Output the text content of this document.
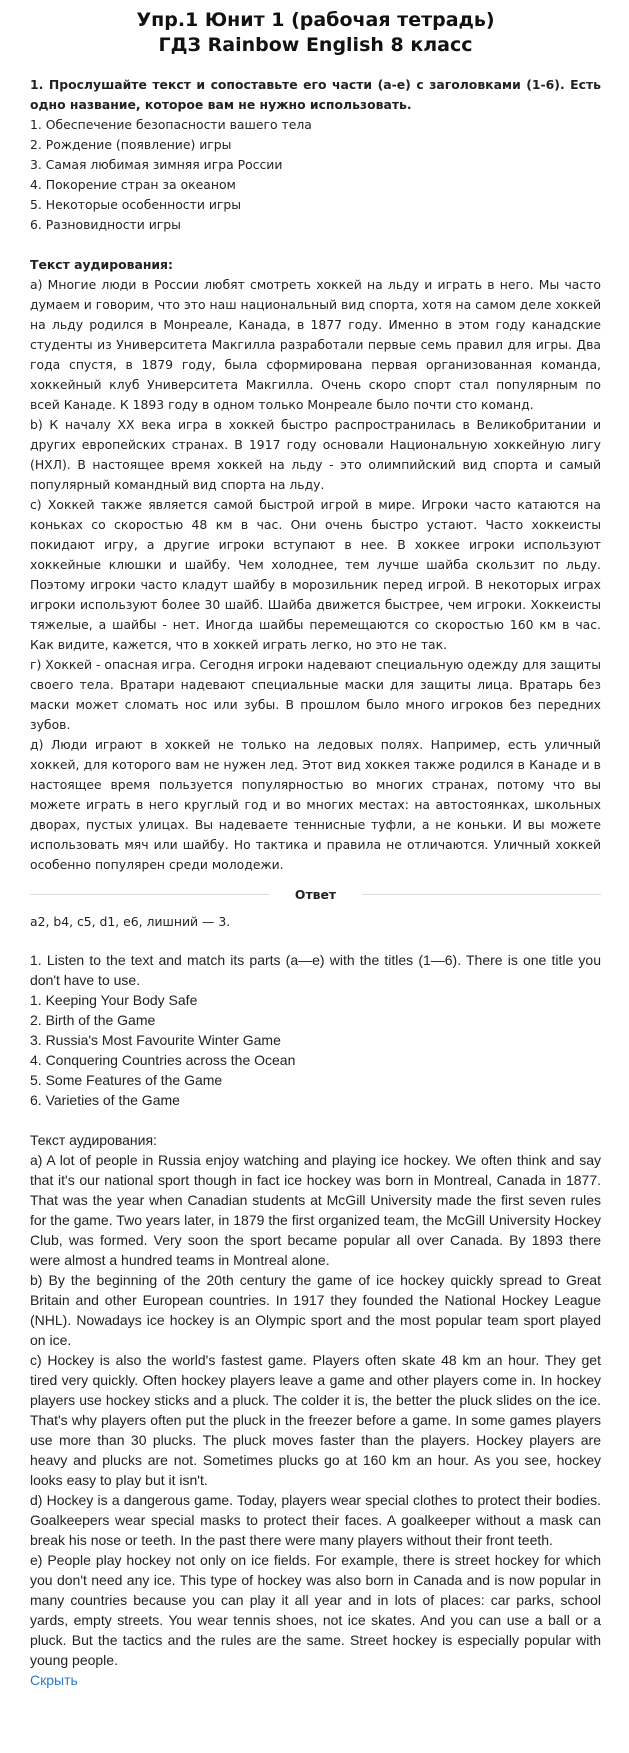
Упр.1 Юнит 1 (рабочая тетрадь)
ГДЗ Rainbow English 8 класс

1. Прослушайте текст и сопоставьте его части (a-e) с заголовками (1-6). Есть одно название, которое вам не нужно использовать.

1. Обеспечение безопасности вашего тела
2. Рождение (появление) игры
3. Самая любимая зимняя игра России
4. Покорение стран за океаном
5. Некоторые особенности игры
6. Разновидности игры

Текст аудирования:

а) Многие люди в России любят смотреть хоккей на льду и играть в него. Мы часто думаем и говорим, что это наш национальный вид спорта, хотя на самом деле хоккей на льду родился в Монреале, Канада, в 1877 году. Именно в этом году канадские студенты из Университета Макгилла разработали первые семь правил для игры. Два года спустя, в 1879 году, была сформирована первая организованная команда, хоккейный клуб Университета Макгилла. Очень скоро спорт стал популярным по всей Канаде. К 1893 году в одном только Монреале было почти сто команд.

b) К началу XX века игра в хоккей быстро распространилась в Великобритании и других европейских странах. В 1917 году основали Национальную хоккейную лигу (НХЛ). В настоящее время хоккей на льду - это олимпийский вид спорта и самый популярный командный вид спорта на льду.

с) Хоккей также является самой быстрой игрой в мире. Игроки часто катаются на коньках со скоростью 48 км в час. Они очень быстро устают. Часто хоккеисты покидают игру, а другие игроки вступают в нее. В хоккее игроки используют хоккейные клюшки и шайбу. Чем холоднее, тем лучше шайба скользит по льду. Поэтому игроки часто кладут шайбу в морозильник перед игрой. В некоторых играх игроки используют более 30 шайб. Шайба движется быстрее, чем игроки. Хоккеисты тяжелые, а шайбы - нет. Иногда шайбы перемещаются со скоростью 160 км в час. Как видите, кажется, что в хоккей играть легко, но это не так.

г) Хоккей - опасная игра. Сегодня игроки надевают специальную одежду для защиты своего тела. Вратари надевают специальные маски для защиты лица. Вратарь без маски может сломать нос или зубы. В прошлом было много игроков без передних зубов.

д) Люди играют в хоккей не только на ледовых полях. Например, есть уличный хоккей, для которого вам не нужен лед. Этот вид хоккея также родился в Канаде и в настоящее время пользуется популярностью во многих странах, потому что вы можете играть в него круглый год и во многих местах: на автостоянках, школьных дворах, пустых улицах. Вы надеваете теннисные туфли, а не коньки. И вы можете использовать мяч или шайбу. Но тактика и правила не отличаются. Уличный хоккей особенно популярен среди молодежи.

Ответ

a2, b4, c5, d1, e6, лишний — 3.

1. Listen to the text and match its parts (a—e) with the titles (1—6). There is one title you don't have to use.

1. Keeping Your Body Safe
2. Birth of the Game
3. Russia's Most Favourite Winter Game
4. Conquering Countries across the Ocean
5. Some Features of the Game
6. Varieties of the Game

Текст аудирования:

a) A lot of people in Russia enjoy watching and playing ice hockey. We often think and say that it's our national sport though in fact ice hockey was born in Montreal, Canada in 1877. That was the year when Canadian students at McGill University made the first seven rules for the game. Two years later, in 1879 the first organized team, the McGill University Hockey Club, was formed. Very soon the sport became popular all over Canada. By 1893 there were almost a hundred teams in Montreal alone.

b) By the beginning of the 20th century the game of ice hockey quickly spread to Great Britain and other European countries. In 1917 they founded the National Hockey League (NHL). Nowadays ice hockey is an Olympic sport and the most popular team sport played on ice.

c) Hockey is also the world's fastest game. Players often skate 48 km an hour. They get tired very quickly. Often hockey players leave a game and other players come in. In hockey players use hockey sticks and a pluck. The colder it is, the better the pluck slides on the ice. That's why players often put the pluck in the freezer before a game. In some games players use more than 30 plucks. The pluck moves faster than the players. Hockey players are heavy and plucks are not. Sometimes plucks go at 160 km an hour. As you see, hockey looks easy to play but it isn't.

d) Hockey is a dangerous game. Today, players wear special clothes to protect their bodies. Goalkeepers wear special masks to protect their faces. A goalkeeper without a mask can break his nose or teeth. In the past there were many players without their front teeth.

e) People play hockey not only on ice fields. For example, there is street hockey for which you don't need any ice. This type of hockey was also born in Canada and is now popular in many countries because you can play it all year and in lots of places: car parks, school yards, empty streets. You wear tennis shoes, not ice skates. And you can use a ball or a pluck. But the tactics and the rules are the same. Street hockey is especially popular with young people.

Скрыть
